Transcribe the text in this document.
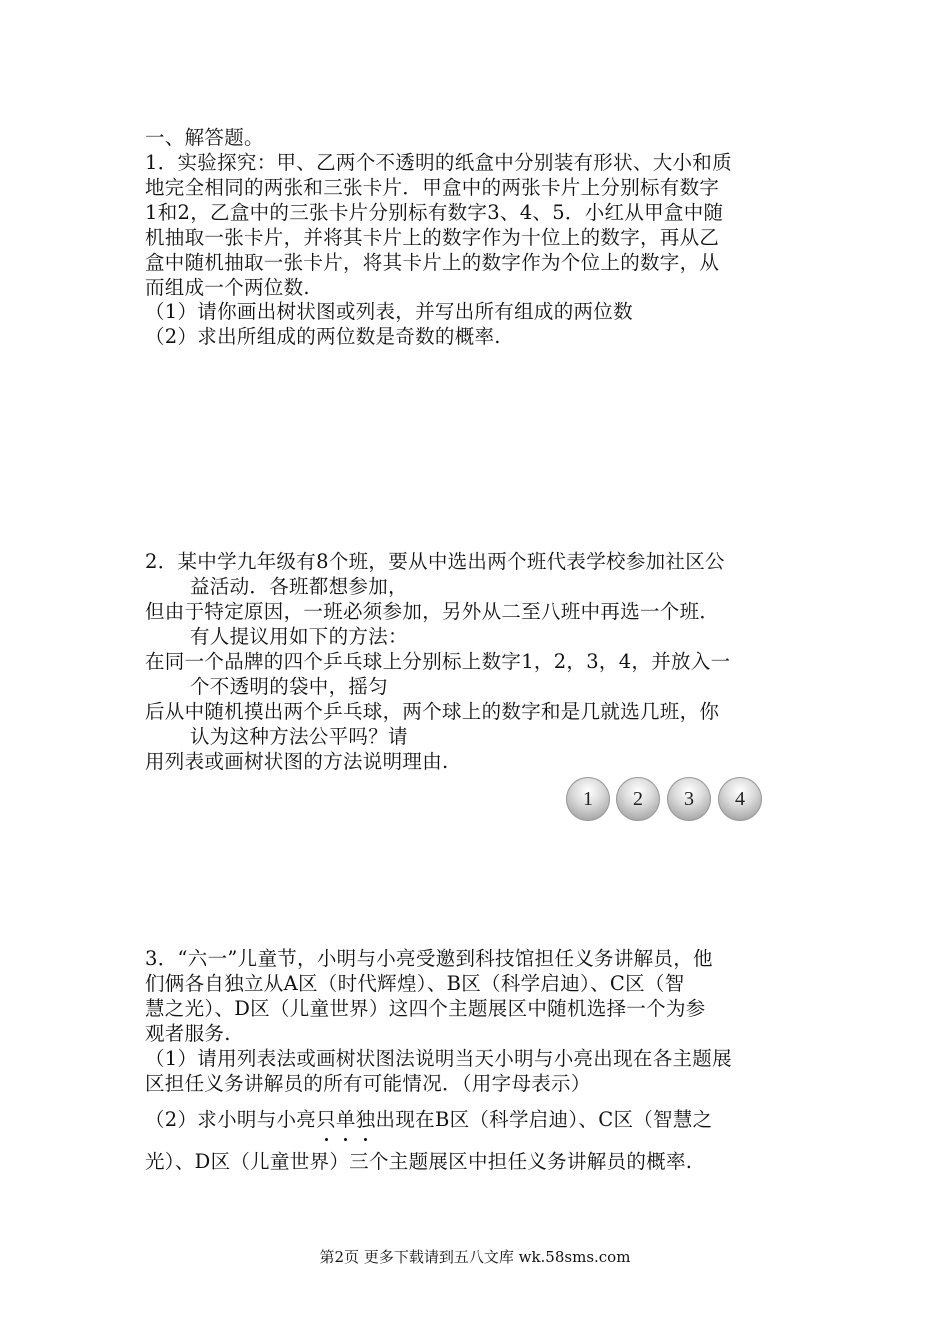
一、解答题。
1．实验探究：甲、乙两个不透明的纸盒中分别装有形状、大小和质
地完全相同的两张和三张卡片．甲盒中的两张卡片上分别标有数字
1和2，乙盒中的三张卡片分别标有数字3、4、5．小红从甲盒中随
机抽取一张卡片，并将其卡片上的数字作为十位上的数字，再从乙
盒中随机抽取一张卡片，将其卡片上的数字作为个位上的数字，从
而组成一个两位数.
（1）请你画出树状图或列表，并写出所有组成的两位数
（2）求出所组成的两位数是奇数的概率.
2．某中学九年级有8个班，要从中选出两个班代表学校参加社区公
益活动．各班都想参加，
但由于特定原因，一班必须参加，另外从二至八班中再选一个班．
有人提议用如下的方法：
在同一个品牌的四个乒乓球上分别标上数字1，2，3，4，并放入一
个不透明的袋中，摇匀
后从中随机摸出两个乒乓球，两个球上的数字和是几就选几班，你
认为这种方法公平吗？请
用列表或画树状图的方法说明理由.
1	2	3	4
3．“六一”儿童节，小明与小亮受邀到科技馆担任义务讲解员，他
们俩各自独立从A区（时代辉煌）、B区（科学启迪）、C区（智
慧之光）、D区（儿童世界）这四个主题展区中随机选择一个为参
观者服务.
（1）请用列表法或画树状图法说明当天小明与小亮出现在各主题展
区担任义务讲解员的所有可能情况．（用字母表示）
（2）求小明与小亮只单独出现在B区（科学启迪）、C区（智慧之
光）、D区（儿童世界）三个主题展区中担任义务讲解员的概率.
第2页 更多下载请到五八文库 wk.58sms.com
